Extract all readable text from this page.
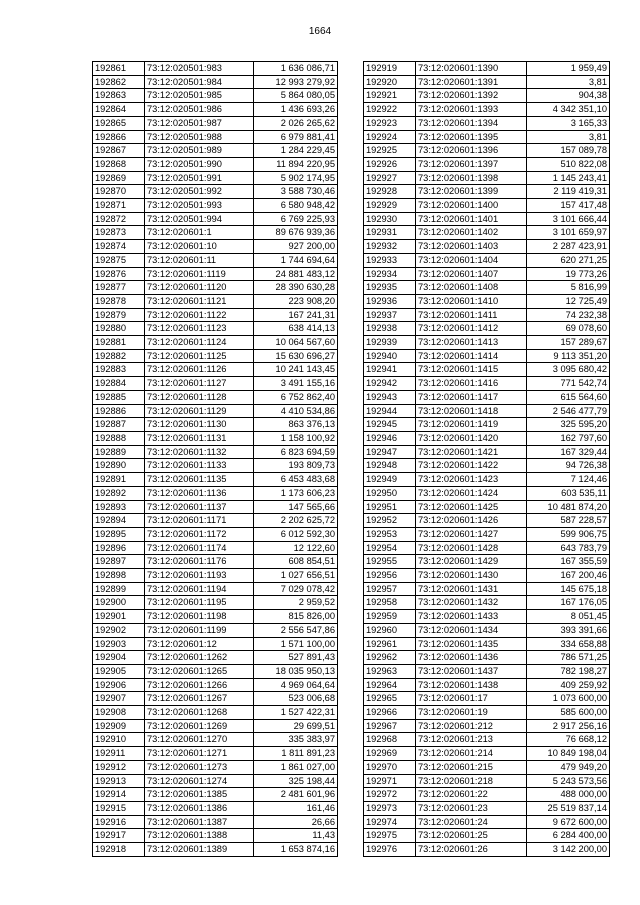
1664
192861	73:12:020501:983	1 636 086,71
192862	73:12:020501:984	12 993 279,92
192863	73:12:020501:985	5 864 080,05
192864	73:12:020501:986	1 436 693,26
192865	73:12:020501:987	2 026 265,62
192866	73:12:020501:988	6 979 881,41
192867	73:12:020501:989	1 284 229,45
192868	73:12:020501:990	11 894 220,95
192869	73:12:020501:991	5 902 174,95
192870	73:12:020501:992	3 588 730,46
192871	73:12:020501:993	6 580 948,42
192872	73:12:020501:994	6 769 225,93
192873	73:12:020601:1	89 676 939,36
192874	73:12:020601:10	927 200,00
192875	73:12:020601:11	1 744 694,64
192876	73:12:020601:1119	24 881 483,12
192877	73:12:020601:1120	28 390 630,28
192878	73:12:020601:1121	223 908,20
192879	73:12:020601:1122	167 241,31
192880	73:12:020601:1123	638 414,13
192881	73:12:020601:1124	10 064 567,60
192882	73:12:020601:1125	15 630 696,27
192883	73:12:020601:1126	10 241 143,45
192884	73:12:020601:1127	3 491 155,16
192885	73:12:020601:1128	6 752 862,40
192886	73:12:020601:1129	4 410 534,86
192887	73:12:020601:1130	863 376,13
192888	73:12:020601:1131	1 158 100,92
192889	73:12:020601:1132	6 823 694,59
192890	73:12:020601:1133	193 809,73
192891	73:12:020601:1135	6 453 483,68
192892	73:12:020601:1136	1 173 606,23
192893	73:12:020601:1137	147 565,66
192894	73:12:020601:1171	2 202 625,72
192895	73:12:020601:1172	6 012 592,30
192896	73:12:020601:1174	12 122,60
192897	73:12:020601:1176	608 854,51
192898	73:12:020601:1193	1 027 656,51
192899	73:12:020601:1194	7 029 078,42
192900	73:12:020601:1195	2 959,52
192901	73:12:020601:1198	815 826,00
192902	73:12:020601:1199	2 556 547,86
192903	73:12:020601:12	1 571 100,00
192904	73:12:020601:1262	527 891,43
192905	73:12:020601:1265	18 035 950,13
192906	73:12:020601:1266	4 969 064,64
192907	73:12:020601:1267	523 006,68
192908	73:12:020601:1268	1 527 422,31
192909	73:12:020601:1269	29 699,51
192910	73:12:020601:1270	335 383,97
192911	73:12:020601:1271	1 811 891,23
192912	73:12:020601:1273	1 861 027,00
192913	73:12:020601:1274	325 198,44
192914	73:12:020601:1385	2 481 601,96
192915	73:12:020601:1386	161,46
192916	73:12:020601:1387	26,66
192917	73:12:020601:1388	11,43
192918	73:12:020601:1389	1 653 874,16
192919	73:12:020601:1390	1 959,49
192920	73:12:020601:1391	3,81
192921	73:12:020601:1392	904,38
192922	73:12:020601:1393	4 342 351,10
192923	73:12:020601:1394	3 165,33
192924	73:12:020601:1395	3,81
192925	73:12:020601:1396	157 089,78
192926	73:12:020601:1397	510 822,08
192927	73:12:020601:1398	1 145 243,41
192928	73:12:020601:1399	2 119 419,31
192929	73:12:020601:1400	157 417,48
192930	73:12:020601:1401	3 101 666,44
192931	73:12:020601:1402	3 101 659,97
192932	73:12:020601:1403	2 287 423,91
192933	73:12:020601:1404	620 271,25
192934	73:12:020601:1407	19 773,26
192935	73:12:020601:1408	5 816,99
192936	73:12:020601:1410	12 725,49
192937	73:12:020601:1411	74 232,38
192938	73:12:020601:1412	69 078,60
192939	73:12:020601:1413	157 289,67
192940	73:12:020601:1414	9 113 351,20
192941	73:12:020601:1415	3 095 680,42
192942	73:12:020601:1416	771 542,74
192943	73:12:020601:1417	615 564,60
192944	73:12:020601:1418	2 546 477,79
192945	73:12:020601:1419	325 595,20
192946	73:12:020601:1420	162 797,60
192947	73:12:020601:1421	167 329,44
192948	73:12:020601:1422	94 726,38
192949	73:12:020601:1423	7 124,46
192950	73:12:020601:1424	603 535,11
192951	73:12:020601:1425	10 481 874,20
192952	73:12:020601:1426	587 228,57
192953	73:12:020601:1427	599 906,75
192954	73:12:020601:1428	643 783,79
192955	73:12:020601:1429	167 355,59
192956	73:12:020601:1430	167 200,46
192957	73:12:020601:1431	145 675,18
192958	73:12:020601:1432	167 176,05
192959	73:12:020601:1433	8 051,45
192960	73:12:020601:1434	393 391,66
192961	73:12:020601:1435	334 658,88
192962	73:12:020601:1436	786 571,25
192963	73:12:020601:1437	782 198,27
192964	73:12:020601:1438	409 259,92
192965	73:12:020601:17	1 073 600,00
192966	73:12:020601:19	585 600,00
192967	73:12:020601:212	2 917 256,16
192968	73:12:020601:213	76 668,12
192969	73:12:020601:214	10 849 198,04
192970	73:12:020601:215	479 949,20
192971	73:12:020601:218	5 243 573,56
192972	73:12:020601:22	488 000,00
192973	73:12:020601:23	25 519 837,14
192974	73:12:020601:24	9 672 600,00
192975	73:12:020601:25	6 284 400,00
192976	73:12:020601:26	3 142 200,00
